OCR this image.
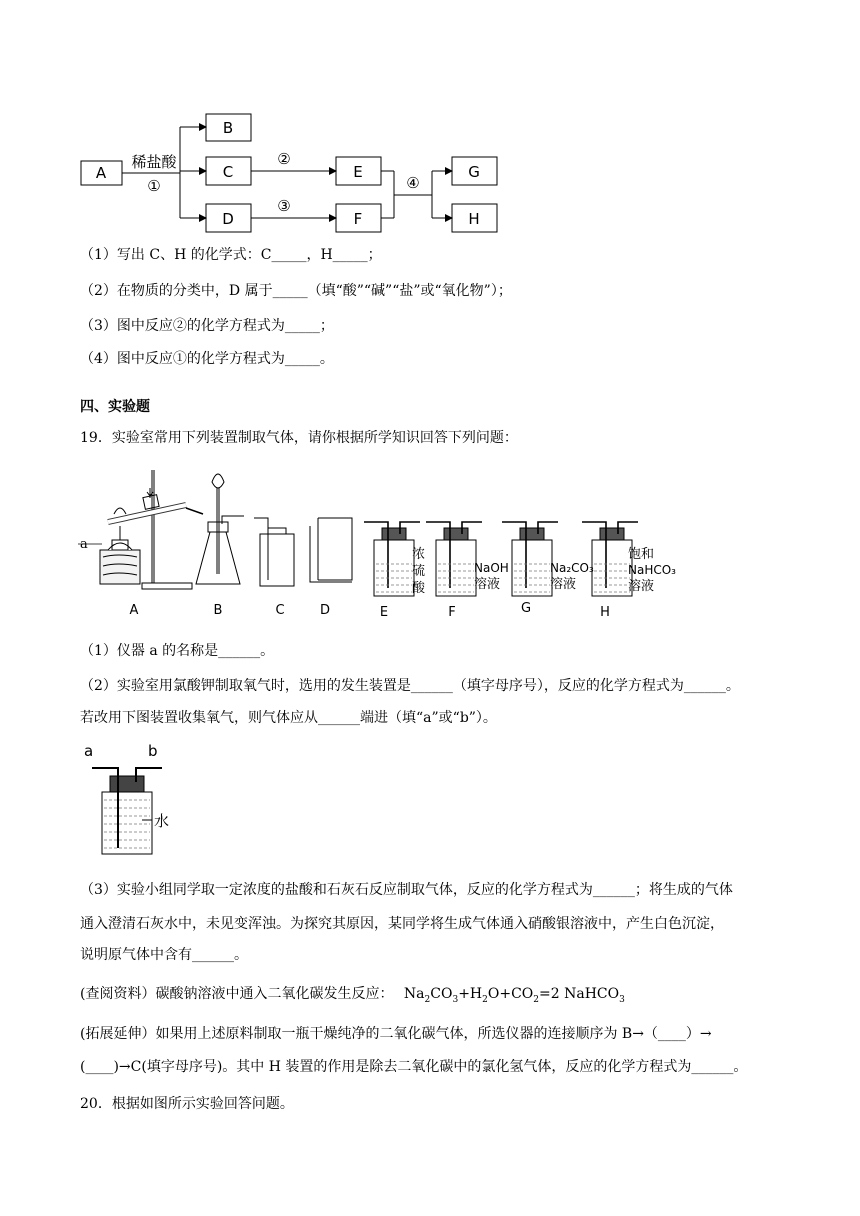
A
B
C
D
E
F
G
H
稀盐酸
①
②
③
④
（1）写出 C、H 的化学式：C_____，H_____；
（2）在物质的分类中，D 属于_____（填“酸”“碱”“盐”或“氧化物”）；
（3）图中反应②的化学方程式为_____；
（4）图中反应①的化学方程式为_____。
四、实验题
19．实验室常用下列装置制取气体，请你根据所学知识回答下列问题：
a
A	B	C	D	E	F	G	H
浓
硫
酸
NaOH
溶液
Na₂CO₃
溶液
饱和
NaHCO₃
溶液
（1）仪器 a 的名称是______。
（2）实验室用氯酸钾制取氧气时，选用的发生装置是______（填字母序号），反应的化学方程式为______。
若改用下图装置收集氧气，则气体应从______端进（填“a”或“b”）。
a	b
水
（3）实验小组同学取一定浓度的盐酸和石灰石反应制取气体，反应的化学方程式为______；将生成的气体
通入澄清石灰水中，未见变浑浊。为探究其原因，某同学将生成气体通入硝酸银溶液中，产生白色沉淀，
说明原气体中含有______。
(查阅资料）碳酸钠溶液中通入二氧化碳发生反应： $Na_2CO_3+H_2O+CO_2=2$ NaHCO$_3$
(拓展延伸）如果用上述原料制取一瓶干燥纯净的二氧化碳气体，所选仪器的连接顺序为 B→（____）→
(____)→C(填字母序号)。其中 H 装置的作用是除去二氧化碳中的氯化氢气体，反应的化学方程式为______。
20．根据如图所示实验回答问题。
